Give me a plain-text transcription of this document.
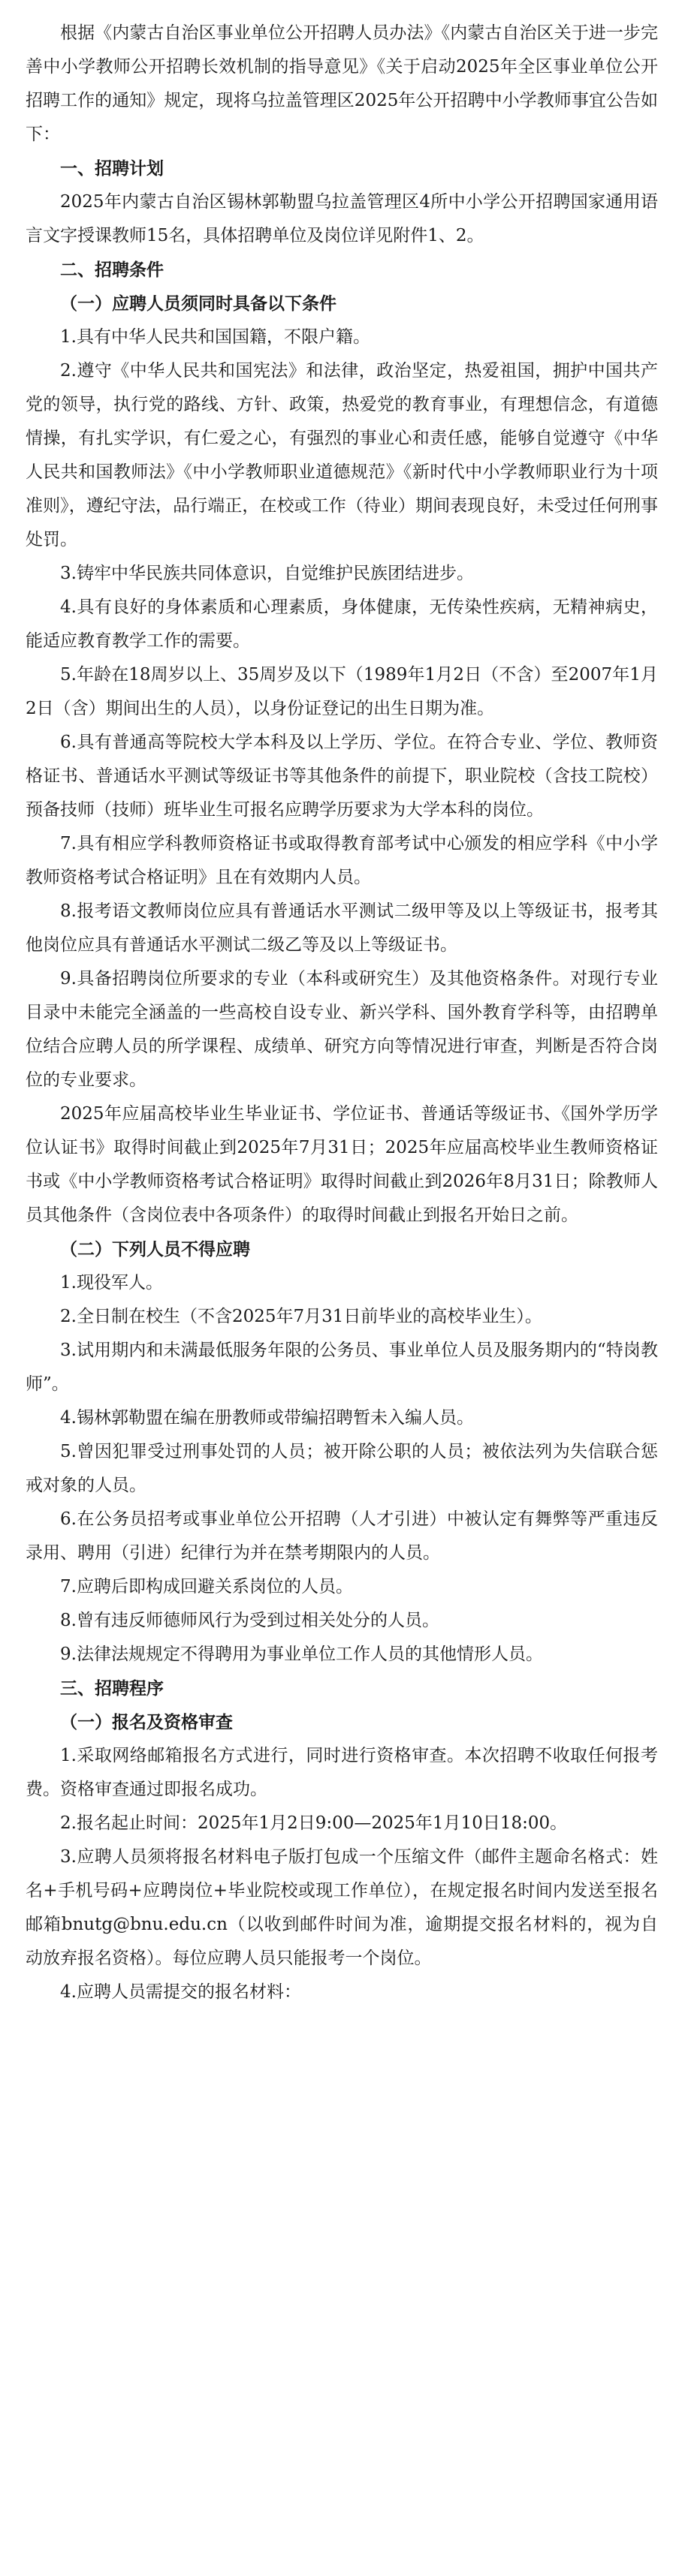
根据《内蒙古自治区事业单位公开招聘人员办法》《内蒙古自治区关于进一步完善中小学教师公开招聘长效机制的指导意见》《关于启动2025年全区事业单位公开招聘工作的通知》规定，现将乌拉盖管理区2025年公开招聘中小学教师事宜公告如下：

一、招聘计划

2025年内蒙古自治区锡林郭勒盟乌拉盖管理区4所中小学公开招聘国家通用语言文字授课教师15名，具体招聘单位及岗位详见附件1、2。

二、招聘条件

（一）应聘人员须同时具备以下条件

1.具有中华人民共和国国籍，不限户籍。

2.遵守《中华人民共和国宪法》和法律，政治坚定，热爱祖国，拥护中国共产党的领导，执行党的路线、方针、政策，热爱党的教育事业，有理想信念，有道德情操，有扎实学识，有仁爱之心，有强烈的事业心和责任感，能够自觉遵守《中华人民共和国教师法》《中小学教师职业道德规范》《新时代中小学教师职业行为十项准则》，遵纪守法，品行端正，在校或工作（待业）期间表现良好，未受过任何刑事处罚。

3.铸牢中华民族共同体意识，自觉维护民族团结进步。

4.具有良好的身体素质和心理素质，身体健康，无传染性疾病，无精神病史，能适应教育教学工作的需要。

5.年龄在18周岁以上、35周岁及以下（1989年1月2日（不含）至2007年1月2日（含）期间出生的人员），以身份证登记的出生日期为准。

6.具有普通高等院校大学本科及以上学历、学位。在符合专业、学位、教师资格证书、普通话水平测试等级证书等其他条件的前提下，职业院校（含技工院校）预备技师（技师）班毕业生可报名应聘学历要求为大学本科的岗位。

7.具有相应学科教师资格证书或取得教育部考试中心颁发的相应学科《中小学教师资格考试合格证明》且在有效期内人员。

8.报考语文教师岗位应具有普通话水平测试二级甲等及以上等级证书，报考其他岗位应具有普通话水平测试二级乙等及以上等级证书。

9.具备招聘岗位所要求的专业（本科或研究生）及其他资格条件。对现行专业目录中未能完全涵盖的一些高校自设专业、新兴学科、国外教育学科等，由招聘单位结合应聘人员的所学课程、成绩单、研究方向等情况进行审查，判断是否符合岗位的专业要求。

2025年应届高校毕业生毕业证书、学位证书、普通话等级证书、《国外学历学位认证书》取得时间截止到2025年7月31日；2025年应届高校毕业生教师资格证书或《中小学教师资格考试合格证明》取得时间截止到2026年8月31日；除教师人员其他条件（含岗位表中各项条件）的取得时间截止到报名开始日之前。

（二）下列人员不得应聘

1.现役军人。

2.全日制在校生（不含2025年7月31日前毕业的高校毕业生）。

3.试用期内和未满最低服务年限的公务员、事业单位人员及服务期内的“特岗教师”。

4.锡林郭勒盟在编在册教师或带编招聘暂未入编人员。

5.曾因犯罪受过刑事处罚的人员；被开除公职的人员；被依法列为失信联合惩戒对象的人员。

6.在公务员招考或事业单位公开招聘（人才引进）中被认定有舞弊等严重违反录用、聘用（引进）纪律行为并在禁考期限内的人员。

7.应聘后即构成回避关系岗位的人员。

8.曾有违反师德师风行为受到过相关处分的人员。

9.法律法规规定不得聘用为事业单位工作人员的其他情形人员。

三、招聘程序

（一）报名及资格审查

1.采取网络邮箱报名方式进行，同时进行资格审查。本次招聘不收取任何报考费。资格审查通过即报名成功。

2.报名起止时间：2025年1月2日9:00—2025年1月10日18:00。

3.应聘人员须将报名材料电子版打包成一个压缩文件（邮件主题命名格式：姓名+手机号码+应聘岗位+毕业院校或现工作单位），在规定报名时间内发送至报名邮箱bnutg@bnu.edu.cn（以收到邮件时间为准，逾期提交报名材料的，视为自动放弃报名资格）。每位应聘人员只能报考一个岗位。

4.应聘人员需提交的报名材料：
